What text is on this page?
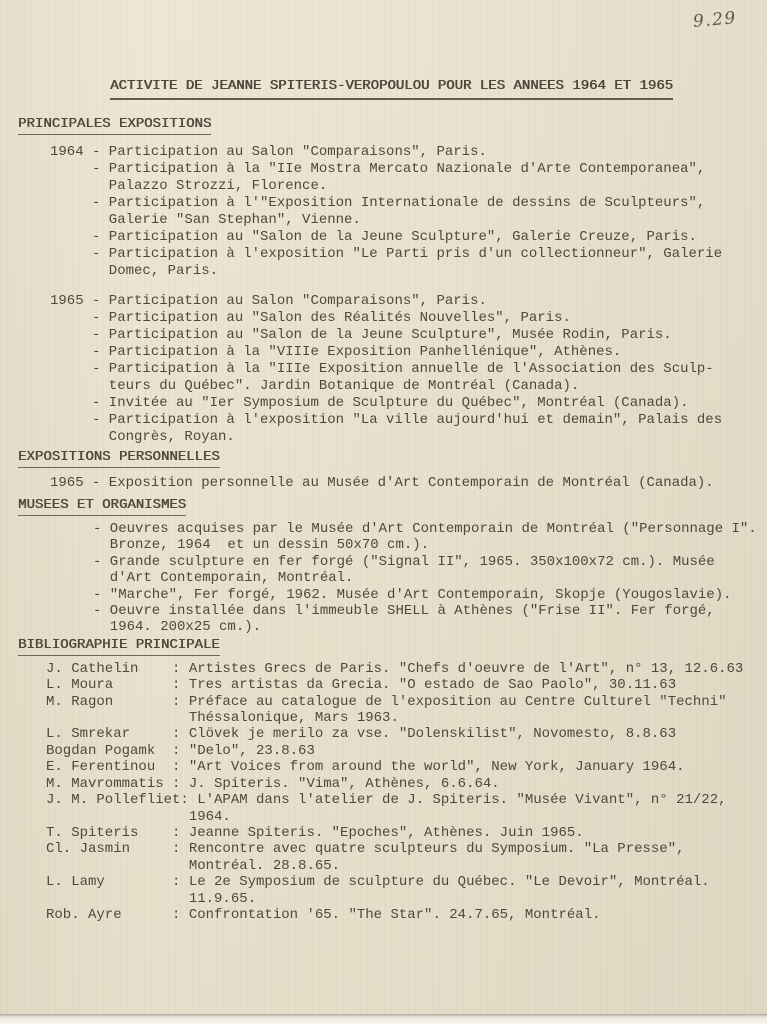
9.29
ACTIVITE DE JEANNE SPITERIS-VEROPOULOU POUR LES ANNEES 1964 ET 1965
PRINCIPALES EXPOSITIONS
1964 - Participation au Salon "Comparaisons", Paris.
- Participation à la "IIe Mostra Mercato Nazionale d'Arte Contemporanea",
Palazzo Strozzi, Florence.
- Participation à l'"Exposition Internationale de dessins de Sculpteurs",
Galerie "San Stephan", Vienne.
- Participation au "Salon de la Jeune Sculpture", Galerie Creuze, Paris.
- Participation à l'exposition "Le Parti pris d'un collectionneur", Galerie
Domec, Paris.
1965 - Participation au Salon "Comparaisons", Paris.
- Participation au "Salon des Réalités Nouvelles", Paris.
- Participation au "Salon de la Jeune Sculpture", Musée Rodin, Paris.
- Participation à la "VIIIe Exposition Panhellénique", Athènes.
- Participation à la "IIIe Exposition annuelle de l'Association des Sculp-
teurs du Québec". Jardin Botanique de Montréal (Canada).
- Invitée au "Ier Symposium de Sculpture du Québec", Montréal (Canada).
- Participation à l'exposition "La ville aujourd'hui et demain", Palais des
Congrès, Royan.
EXPOSITIONS PERSONNELLES
1965 - Exposition personnelle au Musée d'Art Contemporain de Montréal (Canada).
MUSEES ET ORGANISMES
- Oeuvres acquises par le Musée d'Art Contemporain de Montréal ("Personnage I".
Bronze, 1964  et un dessin 50x70 cm.).
- Grande sculpture en fer forgé ("Signal II", 1965. 350x100x72 cm.). Musée
d'Art Contemporain, Montréal.
- "Marche", Fer forgé, 1962. Musée d'Art Contemporain, Skopje (Yougoslavie).
- Oeuvre installée dans l'immeuble SHELL à Athènes ("Frise II". Fer forgé,
1964. 200x25 cm.).
BIBLIOGRAPHIE PRINCIPALE
J. Cathelin    : Artistes Grecs de Paris. "Chefs d'oeuvre de l'Art", n° 13, 12.6.63
L. Moura       : Tres artistas da Grecia. "O estado de Sao Paolo", 30.11.63
M. Ragon       : Préface au catalogue de l'exposition au Centre Culturel "Techni"
Théssalonique, Mars 1963.
L. Smrekar     : Clövek je merilo za vse. "Dolenskilist", Novomesto, 8.8.63
Bogdan Pogamk  : "Delo", 23.8.63
E. Ferentinou  : "Art Voices from around the world", New York, January 1964.
M. Mavrommatis : J. Spiteris. "Vima", Athènes, 6.6.64.
J. M. Pollefliet: L'APAM dans l'atelier de J. Spiteris. "Musée Vivant", n° 21/22,
1964.
T. Spiteris    : Jeanne Spiteris. "Epoches", Athènes. Juin 1965.
Cl. Jasmin     : Rencontre avec quatre sculpteurs du Symposium. "La Presse",
Montréal. 28.8.65.
L. Lamy        : Le 2e Symposium de sculpture du Québec. "Le Devoir", Montréal.
11.9.65.
Rob. Ayre      : Confrontation '65. "The Star". 24.7.65, Montréal.
